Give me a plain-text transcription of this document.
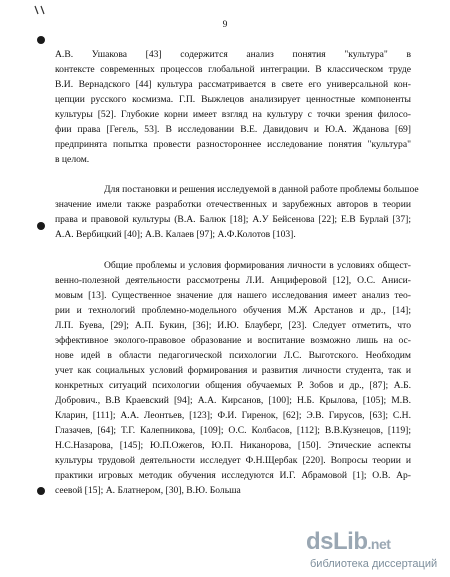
9
А.В. Ушакова [43] содержится анализ понятия "культура" в
контексте современных процессов глобальной интеграции. В классическом труде
В.И. Вернадского [44] культура рассматривается в свете его универсальной кон-
цепции русского космизма. Г.П. Выжлецов анализирует ценностные компоненты
культуры [52]. Глубокие корни имеет взгляд на культуру с точки зрения филосо-
фии права [Гегель, 53]. В исследовании В.Е. Давидович и Ю.А. Жданова [69]
предпринята попытка провести разностороннее исследование понятия "культура"
в целом.
Для постановки и решения исследуемой в данной работе проблемы большое
значение имели также разработки отечественных и зарубежных авторов в теории
права и правовой культуры (В.А. Балюк [18]; А.У Бейсенова [22]; Е.В Бурлай [37];
А.А. Вербицкий [40]; А.В. Калаев [97]; А.Ф.Колотов [103].
Общие проблемы и условия формирования личности в условиях общест-
венно-полезной деятельности рассмотрены Л.И. Анциферовой [12], О.С. Аниси-
мовым [13]. Существенное значение для нашего исследования имеет анализ тео-
рии и технологий проблемно-модельного обучения М.Ж Арстанов и др., [14];
Л.П. Буева, [29]; А.П. Букин, [36]; И.Ю. Блауберг, [23]. Следует отметить, что
эффективное эколого-правовое образование и воспитание возможно лишь на ос-
нове идей в области педагогической психологии Л.С. Выготского. Необходим
учет как социальных условий формирования и развития личности студента, так и
конкретных ситуаций психологии общения обучаемых Р. Зобов и др., [87]; А.Б.
Добрович., В.В Краевский [94]; А.А. Кирсанов, [100]; Н.Б. Крылова, [105]; М.В.
Кларин, [111]; А.А. Леонтьев, [123]; Ф.И. Гиренок, [62]; Э.В. Гирусов, [63]; С.Н.
Глазачев, [64]; Т.Г. Калепникова, [109]; О.С. Колбасов, [112]; В.В.Кузнецов, [119];
Н.С.Назарова, [145]; Ю.П.Ожегов, Ю.П. Никанорова, [150]. Этические аспекты
культуры трудовой деятельности исследует Ф.Н.Щербак [220]. Вопросы теории и
практики игровых методик обучения исследуются И.Г. Абрамовой [1]; О.В. Ар-
сеевой [15]; А. Блатнером, [30], В.Ю. Больша
dsLib.net
библиотека диссертаций
